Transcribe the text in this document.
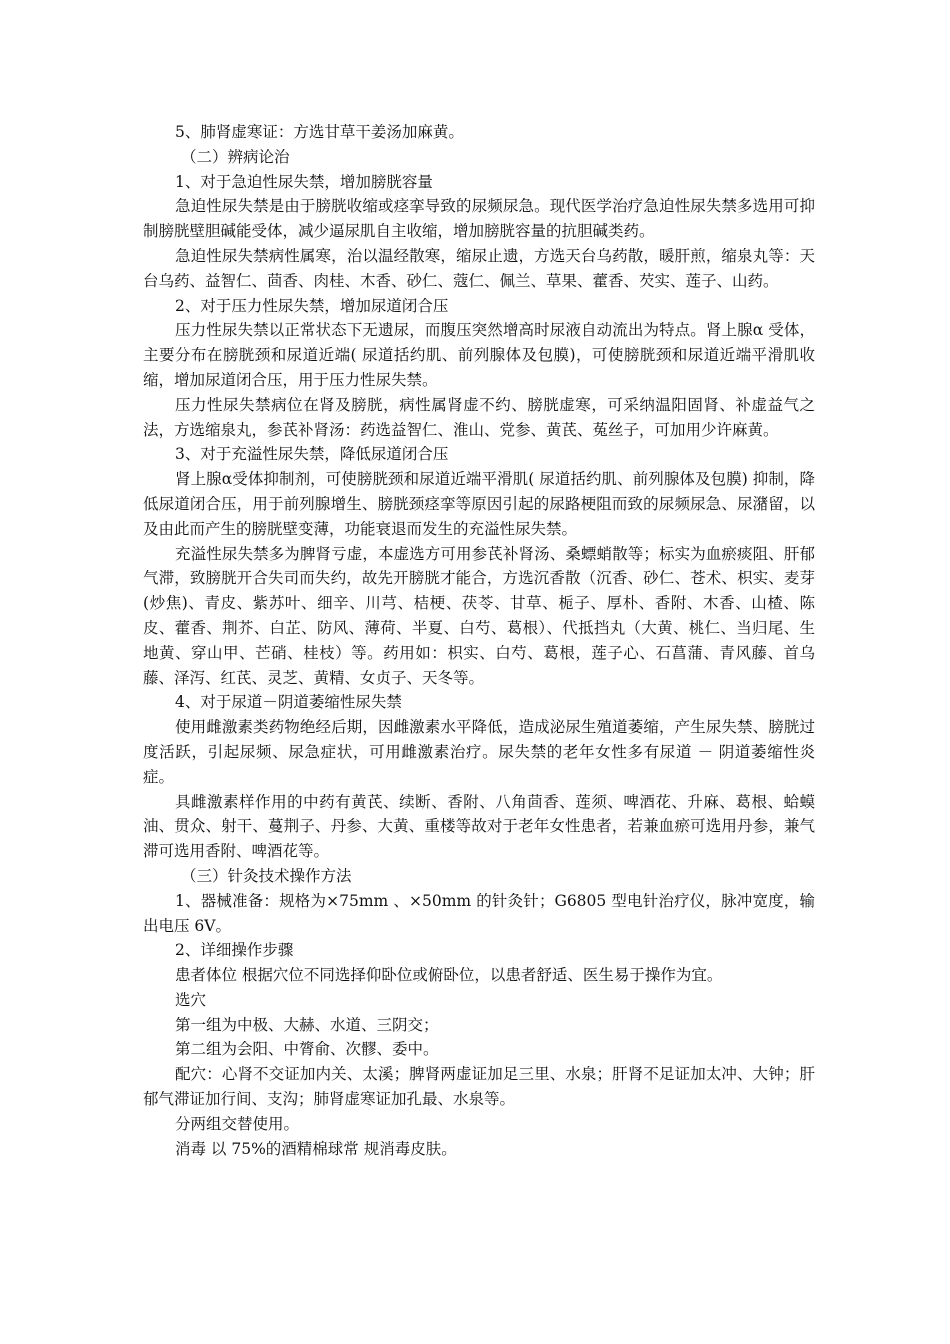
5、肺肾虚寒证：方选甘草干姜汤加麻黄。

（二）辨病论治

1、对于急迫性尿失禁，增加膀胱容量

急迫性尿失禁是由于膀胱收缩或痉挛导致的尿频尿急。现代医学治疗急迫性尿失禁多选用可抑制膀胱壁胆碱能受体，减少逼尿肌自主收缩，增加膀胱容量的抗胆碱类药。

急迫性尿失禁病性属寒，治以温经散寒，缩尿止遗，方选天台乌药散，暖肝煎，缩泉丸等：天台乌药、益智仁、茴香、肉桂、木香、砂仁、蔻仁、佩兰、草果、藿香、芡实、莲子、山药。

2、对于压力性尿失禁，增加尿道闭合压

压力性尿失禁以正常状态下无遗尿，而腹压突然增高时尿液自动流出为特点。肾上腺α 受体，主要分布在膀胱颈和尿道近端( 尿道括约肌、前列腺体及包膜)，可使膀胱颈和尿道近端平滑肌收缩，增加尿道闭合压，用于压力性尿失禁。

压力性尿失禁病位在肾及膀胱，病性属肾虚不约、膀胱虚寒，可采纳温阳固肾、补虚益气之法，方选缩泉丸，参芪补肾汤：药选益智仁、淮山、党参、黄芪、菟丝子，可加用少许麻黄。

3、对于充溢性尿失禁，降低尿道闭合压

肾上腺α受体抑制剂，可使膀胱颈和尿道近端平滑肌( 尿道括约肌、前列腺体及包膜) 抑制，降低尿道闭合压，用于前列腺增生、膀胱颈痉挛等原因引起的尿路梗阻而致的尿频尿急、尿潴留，以及由此而产生的膀胱壁变薄，功能衰退而发生的充溢性尿失禁。

充溢性尿失禁多为脾肾亏虚，本虚选方可用参芪补肾汤、桑螵蛸散等；标实为血瘀痰阻、肝郁气滞，致膀胱开合失司而失约，故先开膀胱才能合，方选沉香散（沉香、砂仁、苍术、枳实、麦芽(炒焦)、青皮、紫苏叶、细辛、川芎、桔梗、茯苓、甘草、栀子、厚朴、香附、木香、山楂、陈皮、藿香、荆芥、白芷、防风、薄荷、半夏、白芍、葛根）、代抵挡丸（大黄、桃仁、当归尾、生地黄、穿山甲、芒硝、桂枝）等。药用如：枳实、白芍、葛根，莲子心、石菖蒲、青风藤、首乌藤、泽泻、红芪、灵芝、黄精、女贞子、天冬等。

4、对于尿道－阴道萎缩性尿失禁

使用雌激素类药物绝经后期，因雌激素水平降低，造成泌尿生殖道萎缩，产生尿失禁、膀胱过度活跃，引起尿频、尿急症状，可用雌激素治疗。尿失禁的老年女性多有尿道 － 阴道萎缩性炎症。

具雌激素样作用的中药有黄芪、续断、香附、八角茴香、莲须、啤酒花、升麻、葛根、蛤蟆油、贯众、射干、蔓荆子、丹参、大黄、重楼等故对于老年女性患者，若兼血瘀可选用丹参，兼气滞可选用香附、啤酒花等。

（三）针灸技术操作方法

1、器械准备：规格为×75mm 、×50mm 的针灸针；G6805 型电针治疗仪，脉冲宽度，输出电压 6V。

2、详细操作步骤

患者体位 根据穴位不同选择仰卧位或俯卧位，以患者舒适、医生易于操作为宜。

选穴

第一组为中极、大赫、水道、三阴交；

第二组为会阳、中膂俞、次髎、委中。

配穴：心肾不交证加内关、太溪；脾肾两虚证加足三里、水泉；肝肾不足证加太冲、大钟；肝郁气滞证加行间、支沟；肺肾虚寒证加孔最、水泉等。

分两组交替使用。

消毒 以 75%的酒精棉球常 规消毒皮肤。
